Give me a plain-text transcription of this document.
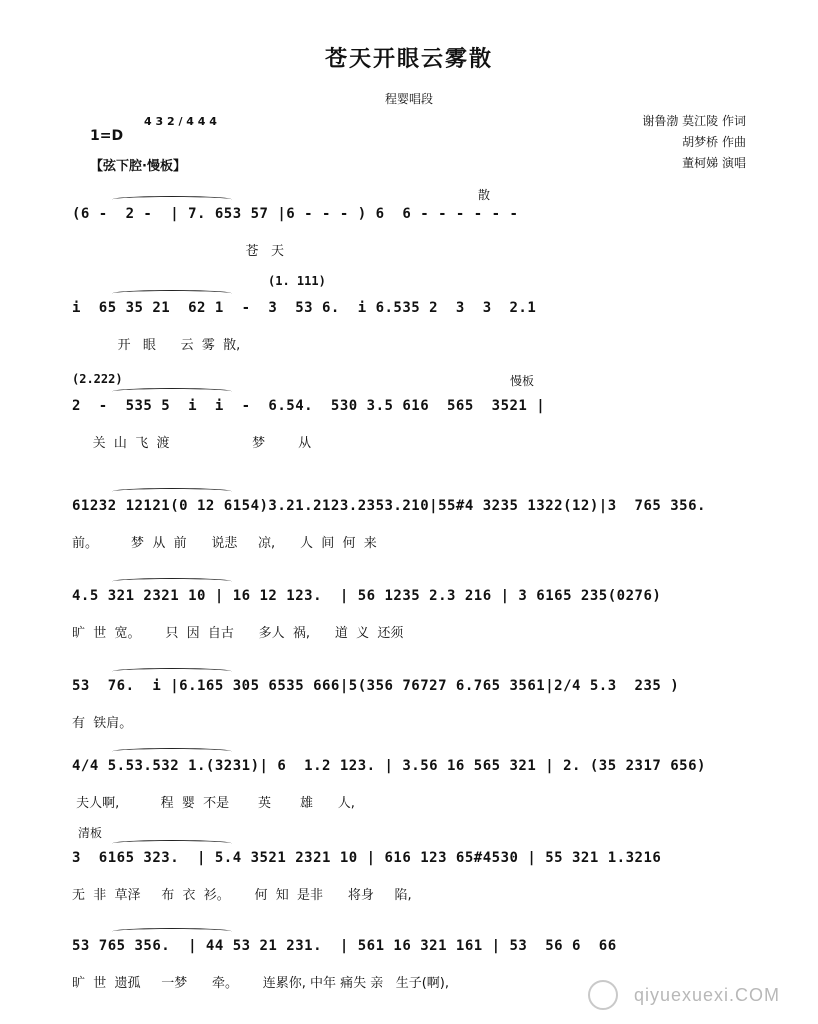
苍天开眼云雾散
程婴唱段
谢鲁渤 莫江陵 作词
胡梦桥 作曲
董柯娣 演唱
1=D
4 3 2 / 4 4 4
【弦下腔·慢板】
散
(6 -  2 -  | 7. 653 57 |6 - - - ) 6  6 - - - - - -
苍   天
(1. 111)
i  65 35 21  62 1  -  3  53 6.  i 6.535 2  3  3  2.1
开   眼      云  雾  散,
(2.222)	慢板
2  -  535 5  i  i  -  6.54.  530 3.5 616  565  3521 |
关  山  飞  渡                    梦        从
61232 12121(0 12 6154)3.21.2123.2353.210|55#4 3235 1322(12)|3  765 356.
前。        梦  从  前      说悲     凉,      人  间  何  来
4.5 321 2321 10 | 16 12 123.  | 56 1235 2.3 216 | 3 6165 235(0276)
旷  世  宽。      只  因  自古      多人  祸,      道  义  还须
53  76.  i |6.165 305 6535 666|5(356 76727 6.765 3561|2/4 5.3  235 )
有  铁肩。
4/4 5.53.532 1.(3231)| 6  1.2 123. | 3.56 16 565 321 | 2. (35 2317 656)
夫人啊,          程  婴  不是       英       雄      人,
清板
3  6165 323.  | 5.4 3521 2321 10 | 616 123 65#4530 | 55 321 1.3216
无  非  草泽     布  衣  衫。      何  知  是非      将身     陷,
53 765 356.  | 44 53 21 231.  | 561 16 321 161 | 53  56 6  66
旷  世  遗孤     一梦      牵。      连累你, 中年 痛失 亲   生子(啊),
qiyuexuexi.COM
